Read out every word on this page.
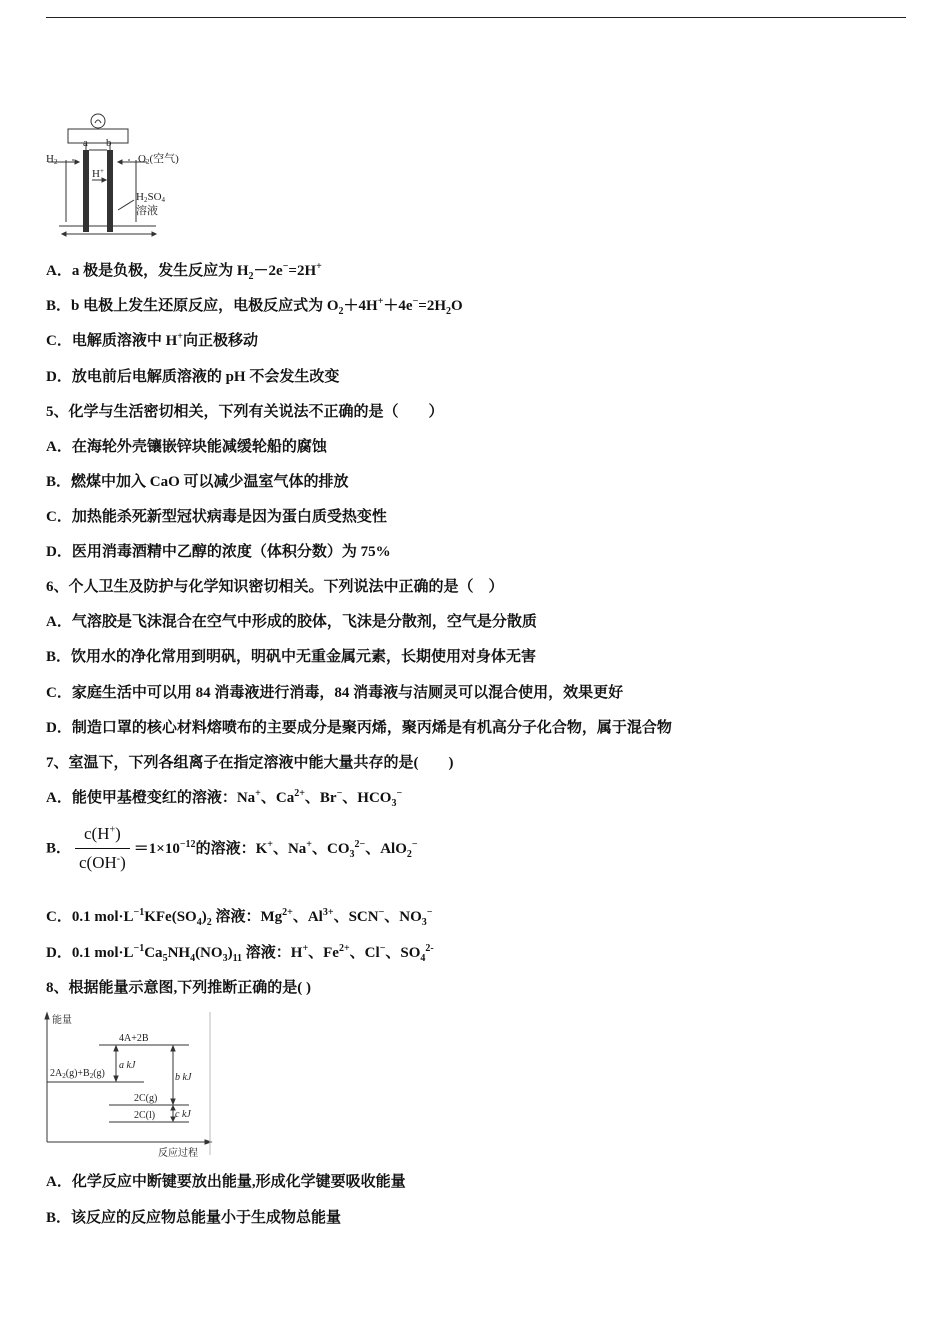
a b
H2	O2(空气)
H+
H2SO4
溶液
A．a 极是负极，发生反应为 $H_2-2e^-=2H^+$
B．b 电极上发生还原反应，电极反应式为 $O_2+4H^++4e^-=2H_2O$
C．电解质溶液中 H+向正极移动
D．放电前后电解质溶液的 pH 不会发生改变
5、化学与生活密切相关，下列有关说法不正确的是（　　）
A．在海轮外壳镶嵌锌块能减缓轮船的腐蚀
B．燃煤中加入 CaO 可以减少温室气体的排放
C．加热能杀死新型冠状病毒是因为蛋白质受热变性
D．医用消毒酒精中乙醇的浓度（体积分数）为 75%
6、个人卫生及防护与化学知识密切相关。下列说法中正确的是（　）
A．气溶胶是飞沫混合在空气中形成的胶体，飞沫是分散剂，空气是分散质
B．饮用水的净化常用到明矾，明矾中无重金属元素，长期使用对身体无害
C．家庭生活中可以用 84 消毒液进行消毒，84 消毒液与洁厕灵可以混合使用，效果更好
D．制造口罩的核心材料熔喷布的主要成分是聚丙烯，聚丙烯是有机高分子化合物，属于混合物
7、室温下，下列各组离子在指定溶液中能大量共存的是(　　)
A．能使甲基橙变红的溶液：Na+、$Ca^{2+}$、Br−、$HCO_3^-$
B． $\frac{c(H^+)}{c(OH^-)} =1\times 10^{-12}$的溶液：K+、Na+、$CO_3^{2-}$、AlO$_2$−
C．0.1 $mol\cdot L^{-1}KFe(SO_4)_2$ 溶液：$Mg^{2+}$、$Al^{3+}$、SCN−、$NO_3^-$
D．0.1 $mol\cdot L^{-1}Ca_5NH_4(NO_3)_{11}$ 溶液：H+、$Fe^{2+}$、Cl−、$SO_4^{2-}$
8、根据能量示意图,下列推断正确的是( )
能量
反应过程
4A+2B
$2A_2(g)+B_2(g)$
2C(g)
2C(l)
a kJ
b kJ
c kJ
A．化学反应中断键要放出能量,形成化学键要吸收能量
B．该反应的反应物总能量小于生成物总能量
